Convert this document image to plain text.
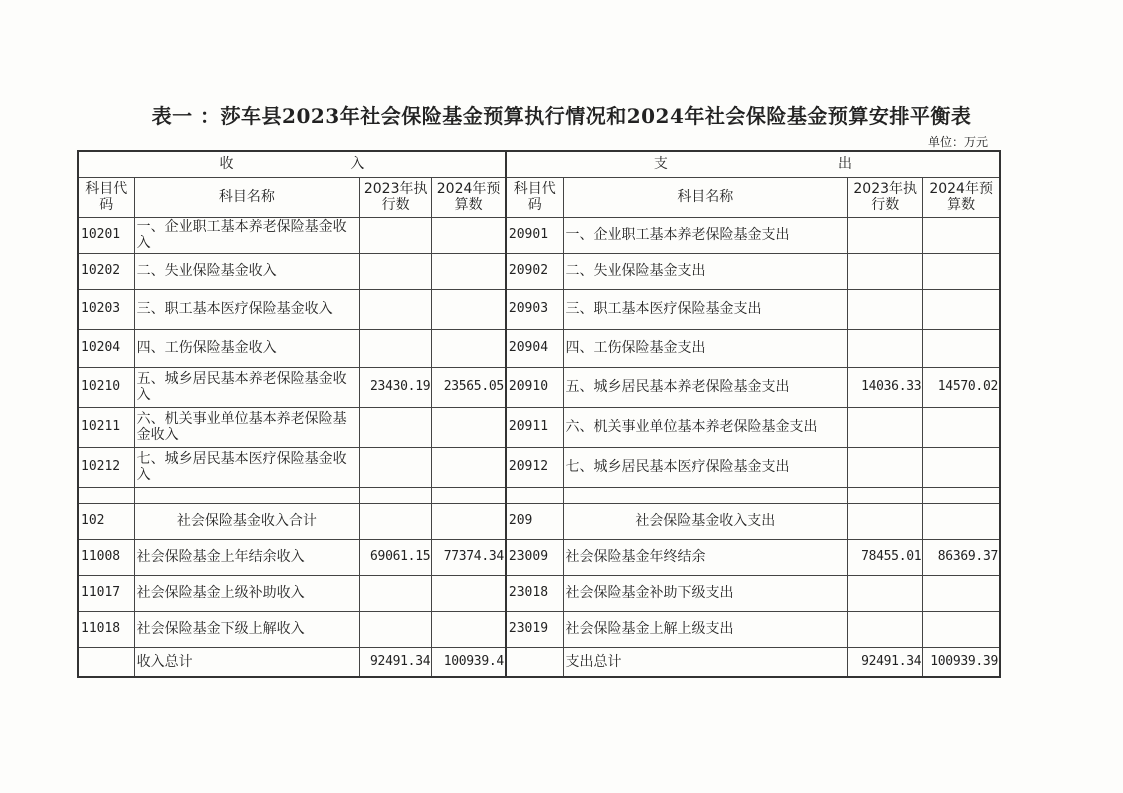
表一 ：莎车县2023年社会保险基金预算执行情况和2024年社会保险基金预算安排平衡表
单位：万元
收 入				支 出			

科目代码	科目名称	2023年执行数	2024年预算数	科目代码	科目名称	2023年执行数	2024年预算数
10201	一、企业职工基本养老保险基金收入			20901	一、企业职工基本养老保险基金支出		
10202	二、失业保险基金收入			20902	二、失业保险基金支出		
10203	三、职工基本医疗保险基金收入			20903	三、职工基本医疗保险基金支出		
10204	四、工伤保险基金收入			20904	四、工伤保险基金支出		
10210	五、城乡居民基本养老保险基金收入	23430.19	23565.05	20910	五、城乡居民基本养老保险基金支出	14036.33	14570.02
10211	六、机关事业单位基本养老保险基金收入			20911	六、机关事业单位基本养老保险基金支出		
10212	七、城乡居民基本医疗保险基金收入			20912	七、城乡居民基本医疗保险基金支出		

102	社会保险基金收入合计			209	社会保险基金收入支出		
11008	社会保险基金上年结余收入	69061.15	77374.34	23009	社会保险基金年终结余	78455.01	86369.37
11017	社会保险基金上级补助收入			23018	社会保险基金补助下级支出		
11018	社会保险基金下级上解收入			23019	社会保险基金上解上级支出		
	收入总计	92491.34	100939.4		支出总计	92491.34	100939.39
